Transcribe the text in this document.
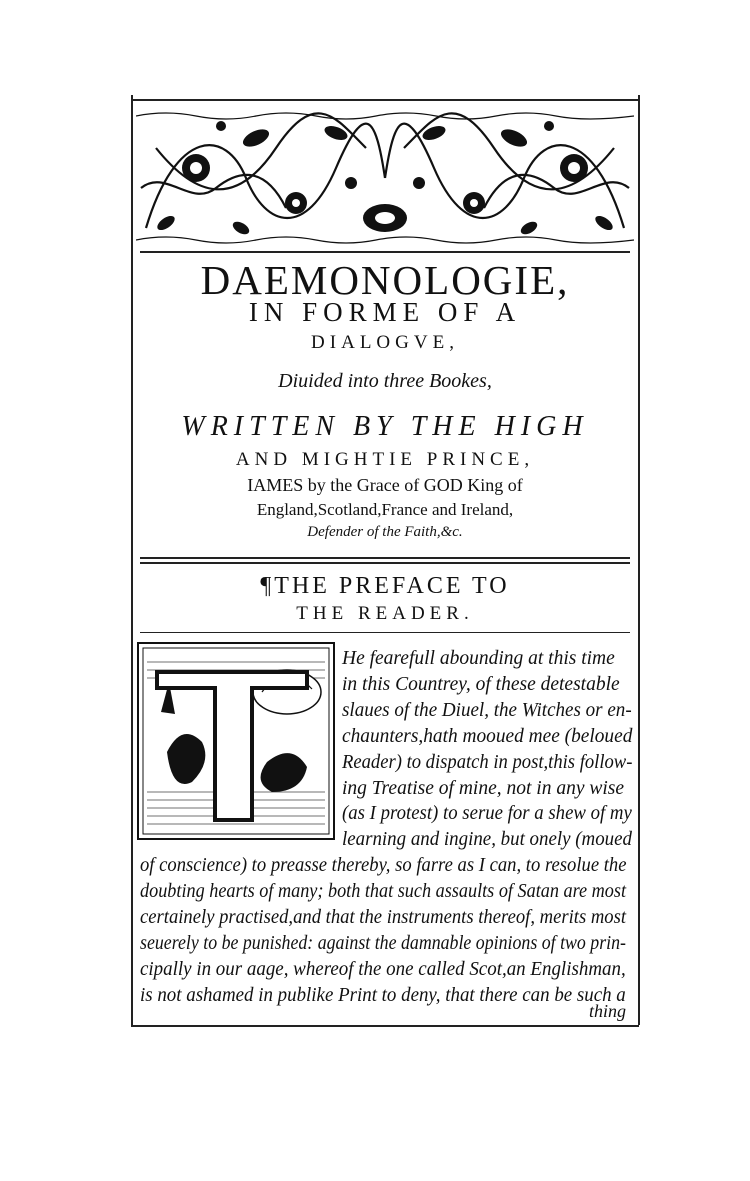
DAEMONOLOGIE,
IN FORME OF A
DIALOGVE,
Diuided into three Bookes,
WRITTEN BY THE HIGH
AND MIGHTIE PRINCE,
IAMES by the Grace of GOD King of
England,Scotland,France and Ireland,
Defender of the Faith,&c.
¶THE PREFACE TO
THE READER.
He fearefull abounding at this time
in this Countrey, of these detestable
slaues of the Diuel, the Witches or en-
chaunters,hath mooued mee (beloued
Reader) to dispatch in post,this follow-
ing Treatise of mine, not in any wise
(as I protest) to serue for a shew of my
learning and ingine, but onely (moued
of conscience) to preasse thereby, so farre as I can, to resolue the
doubting hearts of many; both that such assaults of Satan are most
certainely practised,and that the instruments thereof, merits most
seuerely to be punished: against the damnable opinions of two prin-
cipally in our aage, whereof the one called Scot,an Englishman,
is not ashamed in publike Print to deny, that there can be such a
thing
